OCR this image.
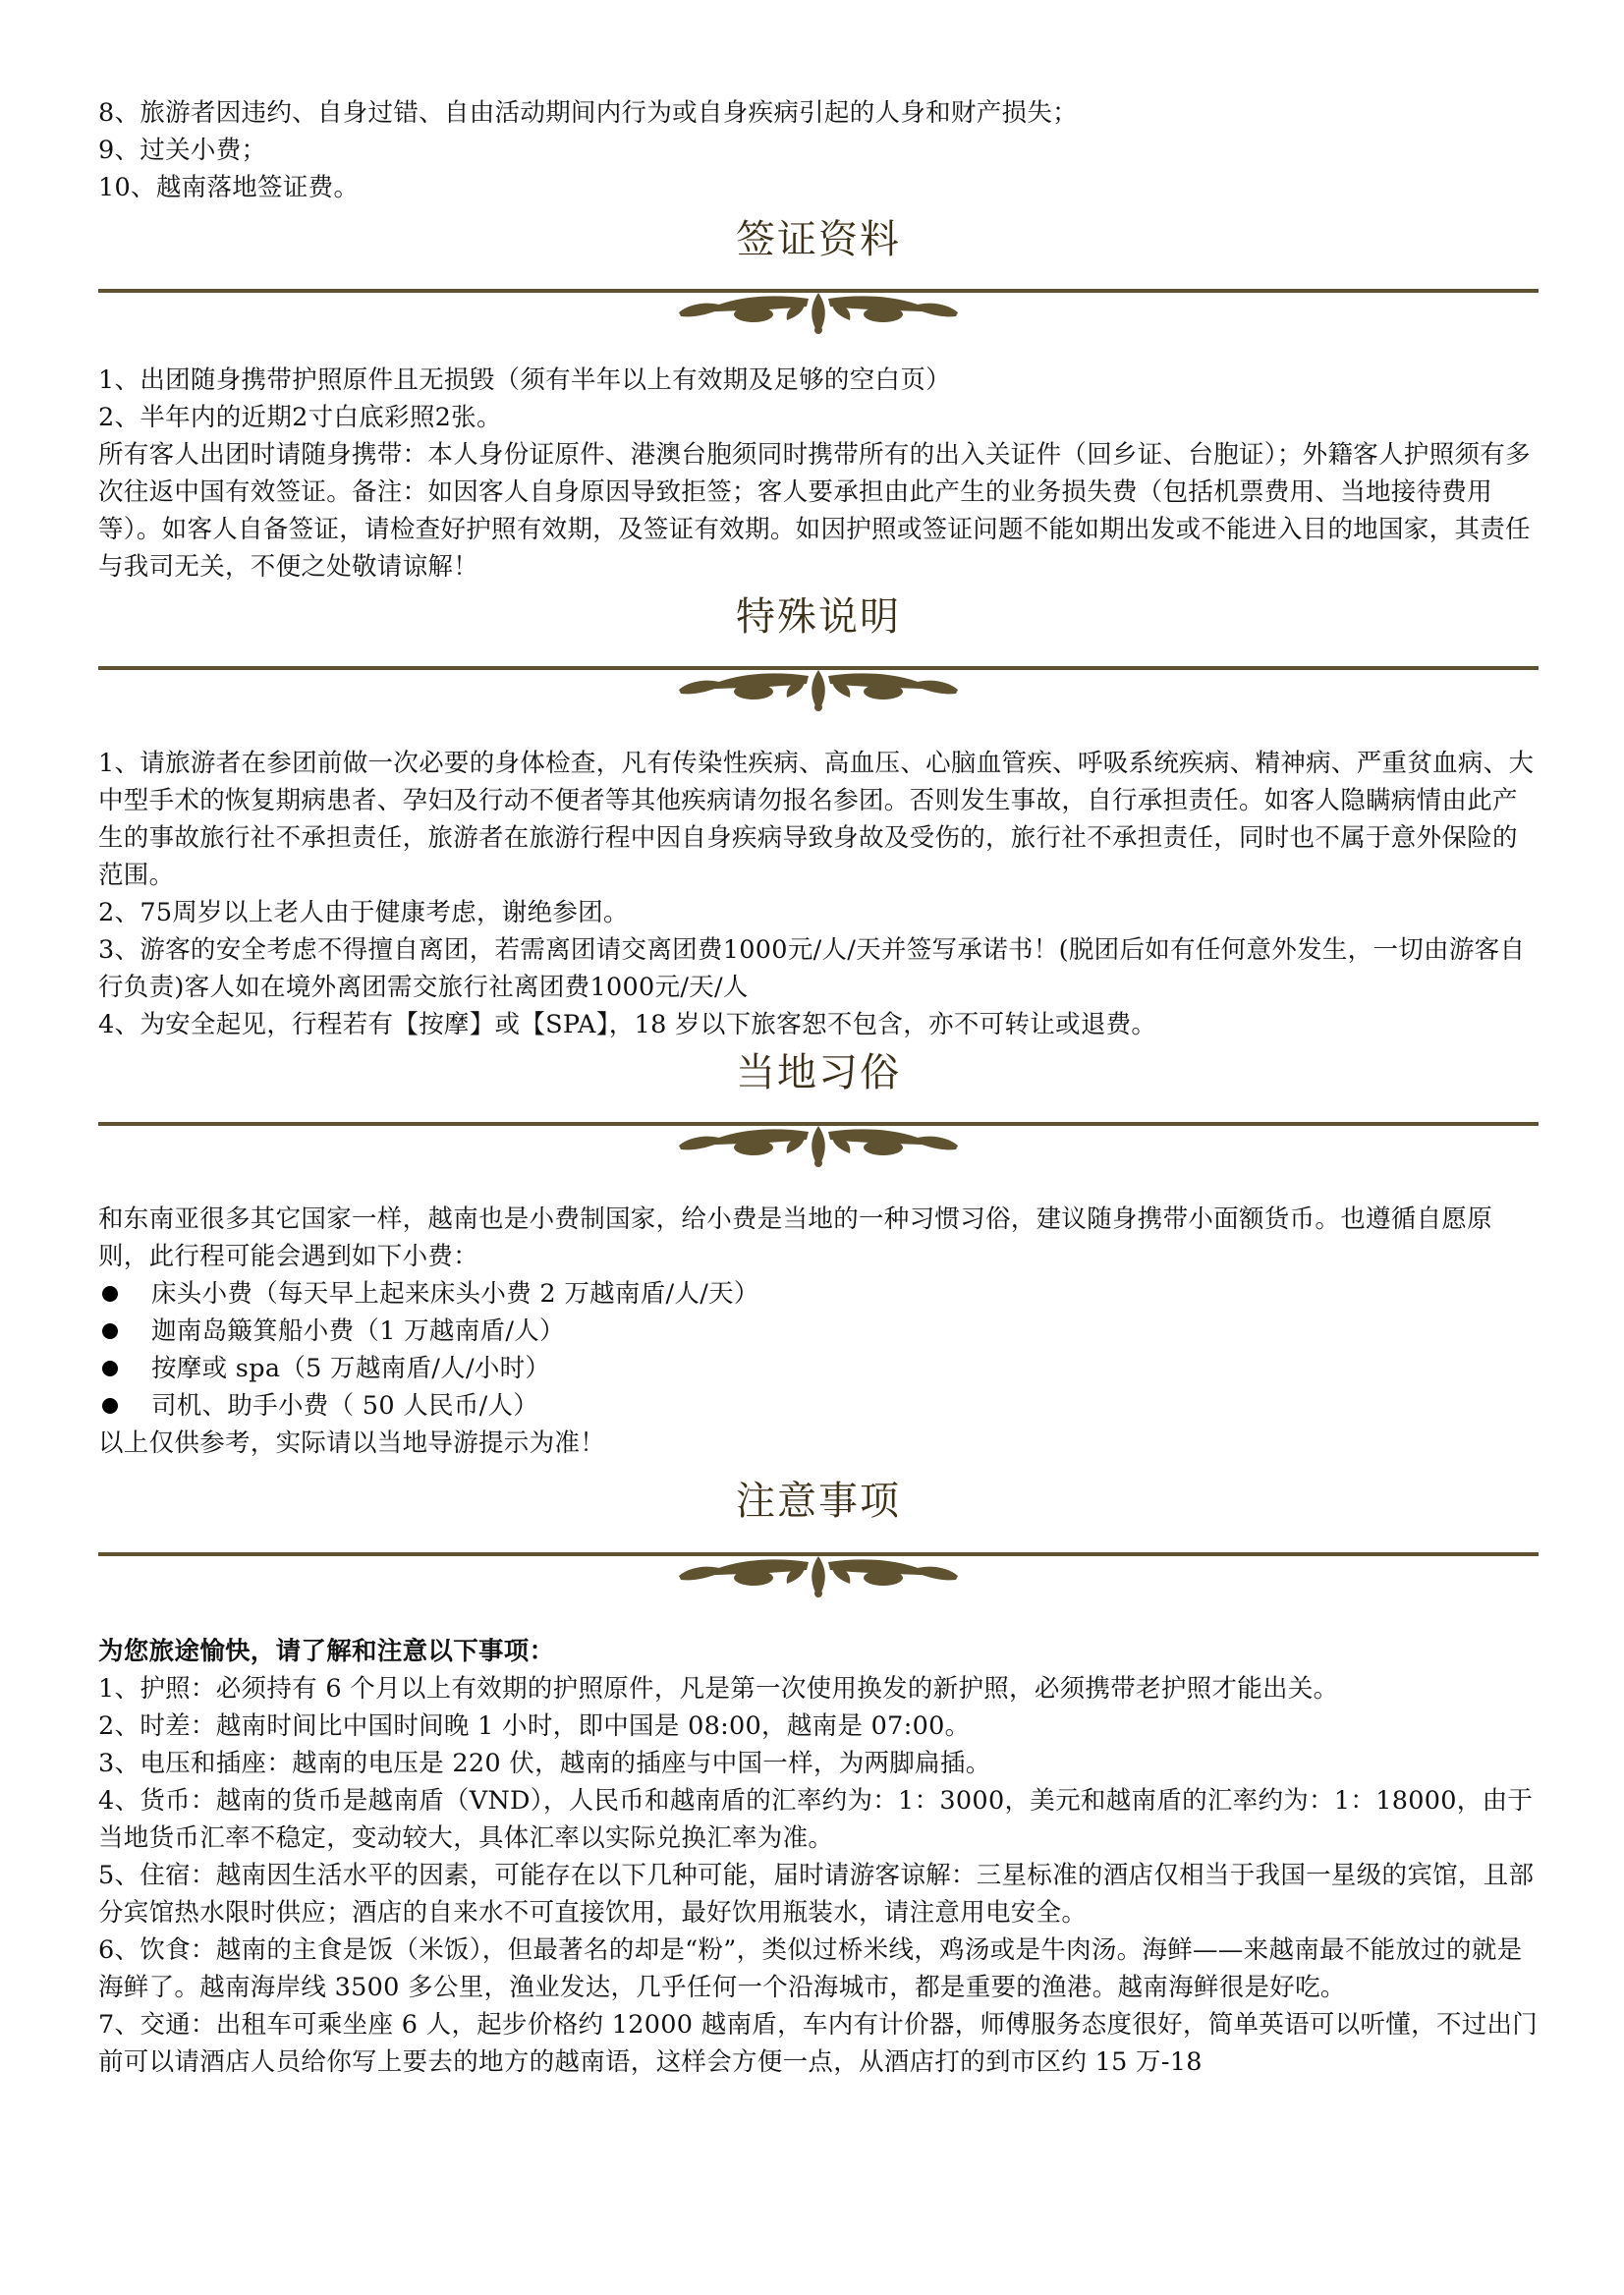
8、旅游者因违约、自身过错、自由活动期间内行为或自身疾病引起的人身和财产损失；

9、过关小费；

10、越南落地签证费。

签证资料

1、出团随身携带护照原件且无损毁（须有半年以上有效期及足够的空白页）

2、半年内的近期2寸白底彩照2张。

所有客人出团时请随身携带：本人身份证原件、港澳台胞须同时携带所有的出入关证件（回乡证、台胞证）；外籍客人护照须有多次往返中国有效签证。备注：如因客人自身原因导致拒签；客人要承担由此产生的业务损失费（包括机票费用、当地接待费用等）。如客人自备签证，请检查好护照有效期，及签证有效期。如因护照或签证问题不能如期出发或不能进入目的地国家，其责任与我司无关，不便之处敬请谅解！

特殊说明

1、请旅游者在参团前做一次必要的身体检查，凡有传染性疾病、高血压、心脑血管疾、呼吸系统疾病、精神病、严重贫血病、大中型手术的恢复期病患者、孕妇及行动不便者等其他疾病请勿报名参团。否则发生事故，自行承担责任。如客人隐瞒病情由此产生的事故旅行社不承担责任，旅游者在旅游行程中因自身疾病导致身故及受伤的，旅行社不承担责任，同时也不属于意外保险的范围。

2、75周岁以上老人由于健康考虑，谢绝参团。

3、游客的安全考虑不得擅自离团，若需离团请交离团费1000元/人/天并签写承诺书！(脱团后如有任何意外发生，一切由游客自行负责)客人如在境外离团需交旅行社离团费1000元/天/人

4、为安全起见，行程若有【按摩】或【SPA】，18 岁以下旅客恕不包含，亦不可转让或退费。

当地习俗

和东南亚很多其它国家一样，越南也是小费制国家，给小费是当地的一种习惯习俗，建议随身携带小面额货币。也遵循自愿原则，此行程可能会遇到如下小费：

床头小费（每天早上起来床头小费 2 万越南盾/人/天）

迦南岛簸箕船小费（1 万越南盾/人）

按摩或 spa（5 万越南盾/人/小时）

司机、助手小费（ 50 人民币/人）

以上仅供参考，实际请以当地导游提示为准！

注意事项

为您旅途愉快，请了解和注意以下事项：

1、护照：必须持有 6 个月以上有效期的护照原件，凡是第一次使用换发的新护照，必须携带老护照才能出关。

2、时差：越南时间比中国时间晚 1 小时，即中国是 08:00，越南是 07:00。

3、电压和插座：越南的电压是 220 伏，越南的插座与中国一样，为两脚扁插。

4、货币：越南的货币是越南盾（VND），人民币和越南盾的汇率约为：1：3000，美元和越南盾的汇率约为：1：18000，由于当地货币汇率不稳定，变动较大，具体汇率以实际兑换汇率为准。

5、住宿：越南因生活水平的因素，可能存在以下几种可能，届时请游客谅解：三星标准的酒店仅相当于我国一星级的宾馆，且部分宾馆热水限时供应；酒店的自来水不可直接饮用，最好饮用瓶装水，请注意用电安全。

6、饮食：越南的主食是饭（米饭），但最著名的却是“粉”，类似过桥米线，鸡汤或是牛肉汤。海鲜——来越南最不能放过的就是海鲜了。越南海岸线 3500 多公里，渔业发达，几乎任何一个沿海城市，都是重要的渔港。越南海鲜很是好吃。

7、交通：出租车可乘坐座 6 人，起步价格约 12000 越南盾，车内有计价器，师傅服务态度很好，简单英语可以听懂，不过出门前可以请酒店人员给你写上要去的地方的越南语，这样会方便一点，从酒店打的到市区约 15 万-18
